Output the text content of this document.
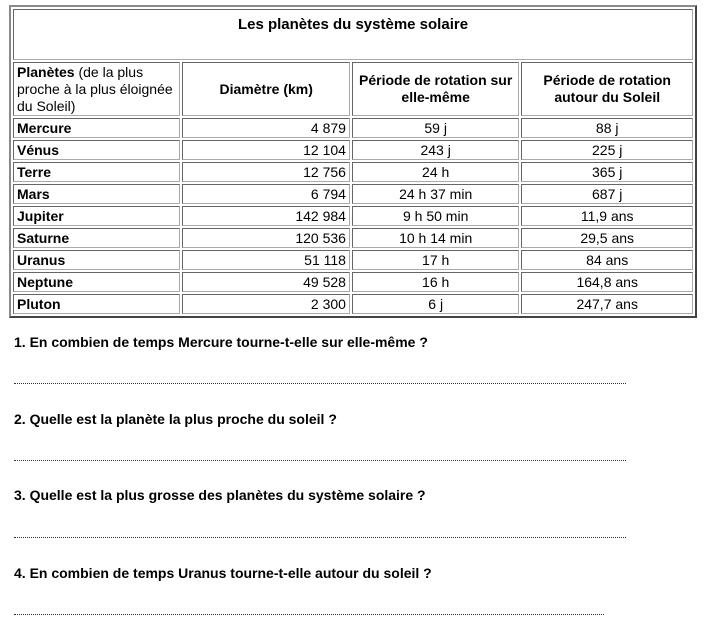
Les planètes du système solaire			
Planètes (de la plus proche à la plus éloignée du Soleil)	Diamètre (km)	Période de rotation sur elle-même	Période de rotation autour du Soleil
Mercure	4 879	59 j	88 j
Vénus	12 104	243 j	225 j
Terre	12 756	24 h	365 j
Mars	6 794	24 h 37 min	687 j
Jupiter	142 984	9 h 50 min	11,9 ans
Saturne	120 536	10 h 14 min	29,5 ans
Uranus	51 118	17 h	84 ans
Neptune	49 528	16 h	164,8 ans
Pluton	2 300	6 j	247,7 ans
1. En combien de temps Mercure tourne-t-elle sur elle-même ?
2. Quelle est la planète la plus proche du soleil ?
3. Quelle est la plus grosse des planètes du système solaire ?
4. En combien de temps Uranus tourne-t-elle autour du soleil ?
